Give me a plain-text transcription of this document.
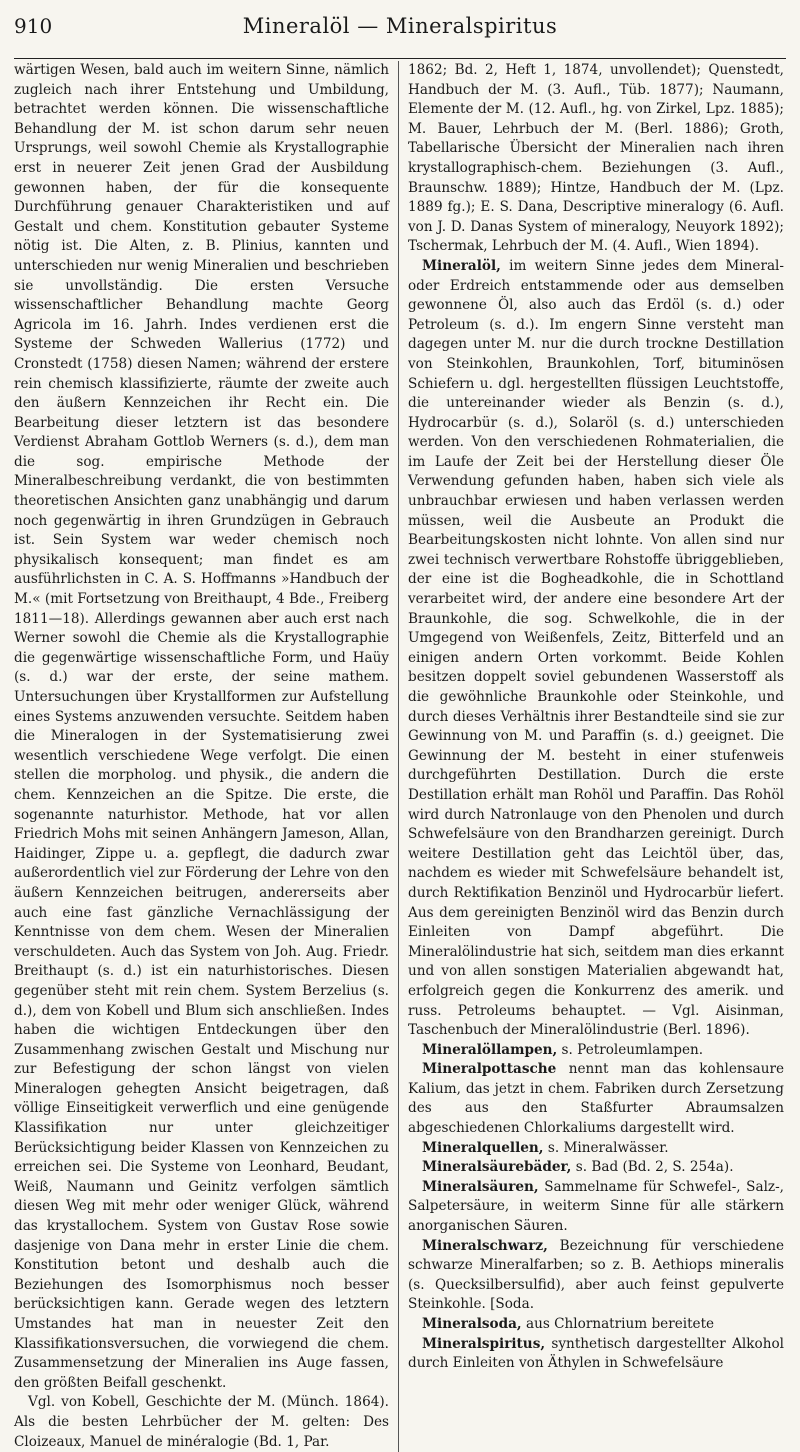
910	Mineralöl — Mineralspiritus

wärtigen Wesen, bald auch im weitern Sinne, nämlich zugleich nach ihrer Entstehung und Umbildung, betrachtet werden können. Die wissenschaftliche Behandlung der M. ist schon darum sehr neuen Ursprungs, weil sowohl Chemie als Krystallographie erst in neuerer Zeit jenen Grad der Ausbildung gewonnen haben, der für die konsequente Durchführung genauer Charakteristiken und auf Gestalt und chem. Konstitution gebauter Systeme nötig ist. Die Alten, z. B. Plinius, kannten und unterschieden nur wenig Mineralien und beschrieben sie unvollständig. Die ersten Versuche wissenschaftlicher Behandlung machte Georg Agricola im 16. Jahrh. Indes verdienen erst die Systeme der Schweden Wallerius (1772) und Cronstedt (1758) diesen Namen; während der erstere rein chemisch klassifizierte, räumte der zweite auch den äußern Kennzeichen ihr Recht ein. Die Bearbeitung dieser letztern ist das besondere Verdienst Abraham Gottlob Werners (s. d.), dem man die sog. empirische Methode der Mineralbeschreibung verdankt, die von bestimmten theoretischen Ansichten ganz unabhängig und darum noch gegenwärtig in ihren Grundzügen in Gebrauch ist. Sein System war weder chemisch noch physikalisch konsequent; man findet es am ausführlichsten in C. A. S. Hoffmanns »Handbuch der M.« (mit Fortsetzung von Breithaupt, 4 Bde., Freiberg 1811—18). Allerdings gewannen aber auch erst nach Werner sowohl die Chemie als die Krystallographie die gegenwärtige wissenschaftliche Form, und Haüy (s. d.) war der erste, der seine mathem. Untersuchungen über Krystallformen zur Aufstellung eines Systems anzuwenden versuchte. Seitdem haben die Mineralogen in der Systematisierung zwei wesentlich verschiedene Wege verfolgt. Die einen stellen die morpholog. und physik., die andern die chem. Kennzeichen an die Spitze. Die erste, die sogenannte naturhistor. Methode, hat vor allen Friedrich Mohs mit seinen Anhängern Jameson, Allan, Haidinger, Zippe u. a. gepflegt, die dadurch zwar außerordentlich viel zur Förderung der Lehre von den äußern Kennzeichen beitrugen, andererseits aber auch eine fast gänzliche Vernachlässigung der Kenntnisse von dem chem. Wesen der Mineralien verschuldeten. Auch das System von Joh. Aug. Friedr. Breithaupt (s. d.) ist ein naturhistorisches. Diesen gegenüber steht mit rein chem. System Berzelius (s. d.), dem von Kobell und Blum sich anschließen. Indes haben die wichtigen Entdeckungen über den Zusammenhang zwischen Gestalt und Mischung nur zur Befestigung der schon längst von vielen Mineralogen gehegten Ansicht beigetragen, daß völlige Einseitigkeit verwerflich und eine genügende Klassifikation nur unter gleichzeitiger Berücksichtigung beider Klassen von Kennzeichen zu erreichen sei. Die Systeme von Leonhard, Beudant, Weiß, Naumann und Geinitz verfolgen sämtlich diesen Weg mit mehr oder weniger Glück, während das krystallochem. System von Gustav Rose sowie dasjenige von Dana mehr in erster Linie die chem. Konstitution betont und deshalb auch die Beziehungen des Isomorphismus noch besser berücksichtigen kann. Gerade wegen des letztern Umstandes hat man in neuester Zeit den Klassifikationsversuchen, die vorwiegend die chem. Zusammensetzung der Mineralien ins Auge fassen, den größten Beifall geschenkt.

Vgl. von Kobell, Geschichte der M. (Münch. 1864). Als die besten Lehrbücher der M. gelten: Des Cloizeaux, Manuel de minéralogie (Bd. 1, Par.

1862; Bd. 2, Heft 1, 1874, unvollendet); Quenstedt, Handbuch der M. (3. Aufl., Tüb. 1877); Naumann, Elemente der M. (12. Aufl., hg. von Zirkel, Lpz. 1885); M. Bauer, Lehrbuch der M. (Berl. 1886); Groth, Tabellarische Übersicht der Mineralien nach ihren krystallographisch-chem. Beziehungen (3. Aufl., Braunschw. 1889); Hintze, Handbuch der M. (Lpz. 1889 fg.); E. S. Dana, Descriptive mineralogy (6. Aufl. von J. D. Danas System of mineralogy, Neuyork 1892); Tschermak, Lehrbuch der M. (4. Aufl., Wien 1894).

Mineralöl, im weitern Sinne jedes dem Mineral- oder Erdreich entstammende oder aus demselben gewonnene Öl, also auch das Erdöl (s. d.) oder Petroleum (s. d.). Im engern Sinne versteht man dagegen unter M. nur die durch trockne Destillation von Steinkohlen, Braunkohlen, Torf, bituminösen Schiefern u. dgl. hergestellten flüssigen Leuchtstoffe, die untereinander wieder als Benzin (s. d.), Hydrocarbür (s. d.), Solaröl (s. d.) unterschieden werden. Von den verschiedenen Rohmaterialien, die im Laufe der Zeit bei der Herstellung dieser Öle Verwendung gefunden haben, haben sich viele als unbrauchbar erwiesen und haben verlassen werden müssen, weil die Ausbeute an Produkt die Bearbeitungskosten nicht lohnte. Von allen sind nur zwei technisch verwertbare Rohstoffe übriggeblieben, der eine ist die Bogheadkohle, die in Schottland verarbeitet wird, der andere eine besondere Art der Braunkohle, die sog. Schwelkohle, die in der Umgegend von Weißenfels, Zeitz, Bitterfeld und an einigen andern Orten vorkommt. Beide Kohlen besitzen doppelt soviel gebundenen Wasserstoff als die gewöhnliche Braunkohle oder Steinkohle, und durch dieses Verhältnis ihrer Bestandteile sind sie zur Gewinnung von M. und Paraffin (s. d.) geeignet. Die Gewinnung der M. besteht in einer stufenweis durchgeführten Destillation. Durch die erste Destillation erhält man Rohöl und Paraffin. Das Rohöl wird durch Natronlauge von den Phenolen und durch Schwefelsäure von den Brandharzen gereinigt. Durch weitere Destillation geht das Leichtöl über, das, nachdem es wieder mit Schwefelsäure behandelt ist, durch Rektifikation Benzinöl und Hydrocarbür liefert. Aus dem gereinigten Benzinöl wird das Benzin durch Einleiten von Dampf abgeführt. Die Mineralölindustrie hat sich, seitdem man dies erkannt und von allen sonstigen Materialien abgewandt hat, erfolgreich gegen die Konkurrenz des amerik. und russ. Petroleums behauptet. — Vgl. Aisinman, Taschenbuch der Mineralölindustrie (Berl. 1896).

Mineralöllampen, s. Petroleumlampen.

Mineralpottasche nennt man das kohlensaure Kalium, das jetzt in chem. Fabriken durch Zersetzung des aus den Staßfurter Abraumsalzen abgeschiedenen Chlorkaliums dargestellt wird.

Mineralquellen, s. Mineralwässer.

Mineralsäurebäder, s. Bad (Bd. 2, S. 254a).

Mineralsäuren, Sammelname für Schwefel-, Salz-, Salpetersäure, in weiterm Sinne für alle stärkern anorganischen Säuren.

Mineralschwarz, Bezeichnung für verschiedene schwarze Mineralfarben; so z. B. Aethiops mineralis (s. Quecksilbersulfid), aber auch feinst gepulverte Steinkohle. [Soda.

Mineralsoda, aus Chlornatrium bereitete

Mineralspiritus, synthetisch dargestellter Alkohol durch Einleiten von Äthylen in Schwefelsäure
